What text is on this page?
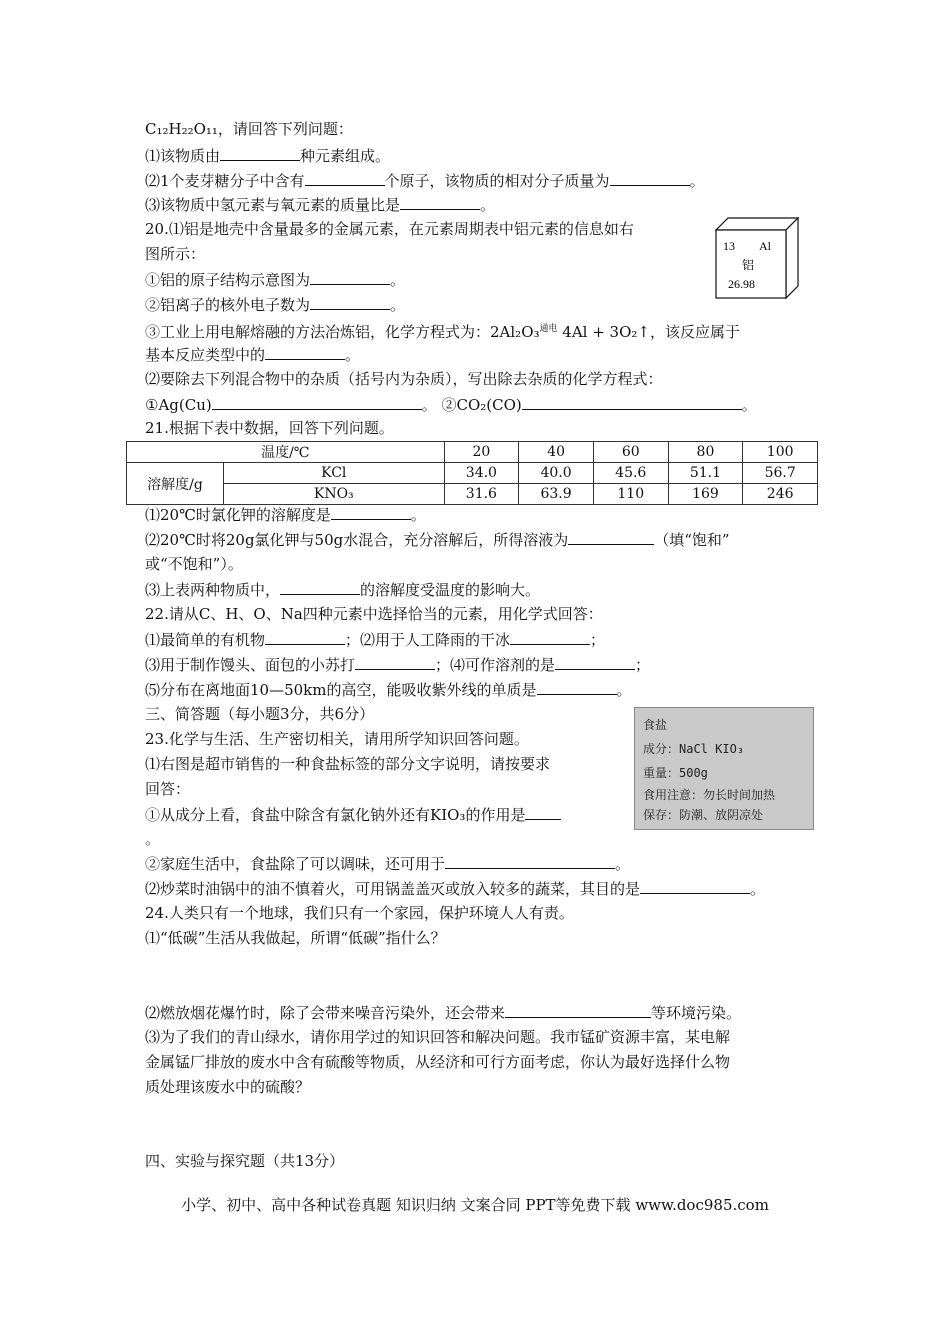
C₁₂H₂₂O₁₁，请回答下列问题：
⑴该物质由	种元素组成。
⑵1个麦芽糖分子中含有	个原子，该物质的相对分子质量为	。
⑶该物质中氢元素与氧元素的质量比是	。
20.⑴铝是地壳中含量最多的金属元素，在元素周期表中铝元素的信息如右
图所示：
①铝的原子结构示意图为	。
②铝离子的核外电子数为	。
③工业上用电解熔融的方法冶炼铝，化学方程式为：2Al₂O₃$^{通电}$ 4Al + 3O₂↑，该反应属于
基本反应类型中的	。
⑵要除去下列混合物中的杂质（括号内为杂质），写出除去杂质的化学方程式：
①Ag(Cu)	。 ②CO₂(CO)	。
21.根据下表中数据，回答下列问题。
13 Al
铝
26.98
温度/℃		20	40	60	80	100
溶解度/g	KCl	34.0	40.0	45.6	51.1	56.7
	KNO₃	31.6	63.9	110	169	246
⑴20℃时氯化钾的溶解度是	。
⑵20℃时将20g氯化钾与50g水混合，充分溶解后，所得溶液为	（填“饱和”
或“不饱和”）。
⑶上表两种物质中，	的溶解度受温度的影响大。
22.请从C、H、O、Na四种元素中选择恰当的元素，用化学式回答：
⑴最简单的有机物	；⑵用于人工降雨的干冰	；
⑶用于制作馒头、面包的小苏打	；⑷可作溶剂的是	；
⑸分布在离地面10—50km的高空，能吸收紫外线的单质是	。
三、简答题（每小题3分，共6分）
23.化学与生活、生产密切相关，请用所学知识回答问题。
⑴右图是超市销售的一种食盐标签的部分文字说明，请按要求
回答：
①从成分上看，食盐中除含有氯化钠外还有KIO₃的作用是
。
食盐
成分：NaCl KIO₃
重量：500g
食用注意：勿长时间加热
保存：防潮、放阴凉处
②家庭生活中，食盐除了可以调味，还可用于	。
⑵炒菜时油锅中的油不慎着火，可用锅盖盖灭或放入较多的蔬菜，其目的是	。
24.人类只有一个地球，我们只有一个家园，保护环境人人有责。
⑴“低碳”生活从我做起，所谓“低碳”指什么？
⑵燃放烟花爆竹时，除了会带来噪音污染外，还会带来	等环境污染。
⑶为了我们的青山绿水，请你用学过的知识回答和解决问题。我市锰矿资源丰富，某电解
金属锰厂排放的废水中含有硫酸等物质，从经济和可行方面考虑，你认为最好选择什么物
质处理该废水中的硫酸？
四、实验与探究题（共13分）
小学、初中、高中各种试卷真题 知识归纳 文案合同 PPT等免费下载 www.doc985.com
